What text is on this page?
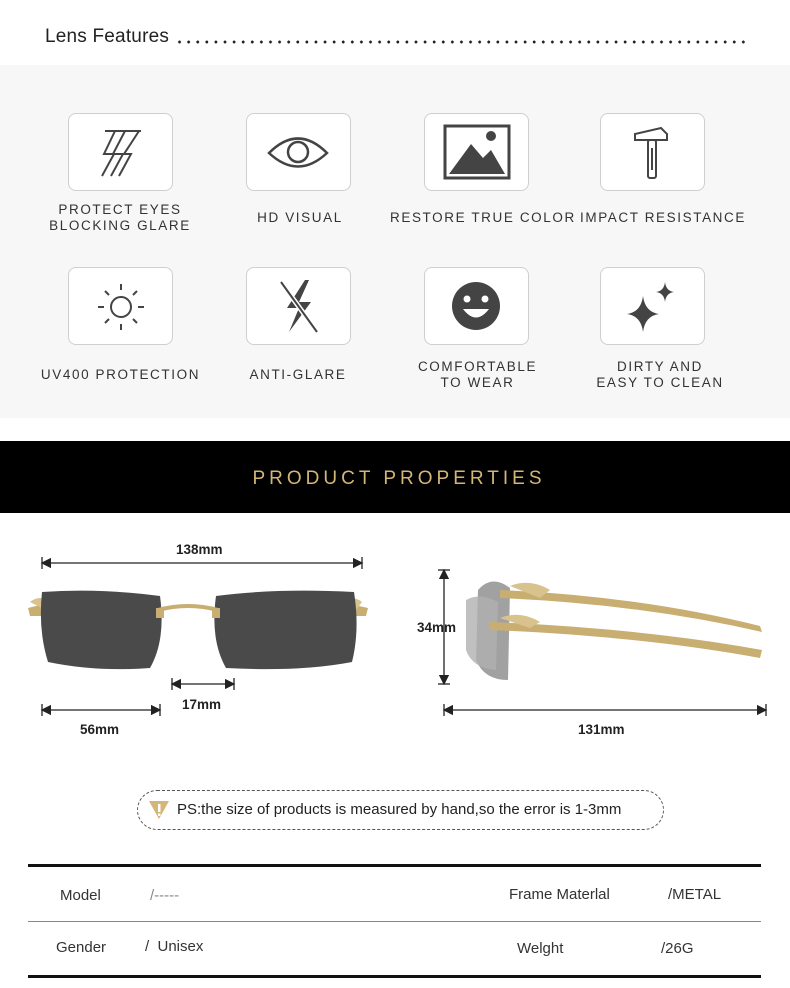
Lens Features
PROTECT EYES
BLOCKING GLARE
HD VISUAL	RESTORE TRUE COLOR IMPACT RESISTANCE
UV400 PROTECTION	ANTI-GLARE
COMFORTABLE
TO WEAR
DIRTY AND
EASY TO CLEAN
PRODUCT PROPERTIES
138mm
17mm
56mm
34mm
131mm
PS:the size of products is measured by hand,so the error is 1-3mm
Model	/-----	Frame Materlal	/METAL
Gender	/  Unisex	Welght	/26G
